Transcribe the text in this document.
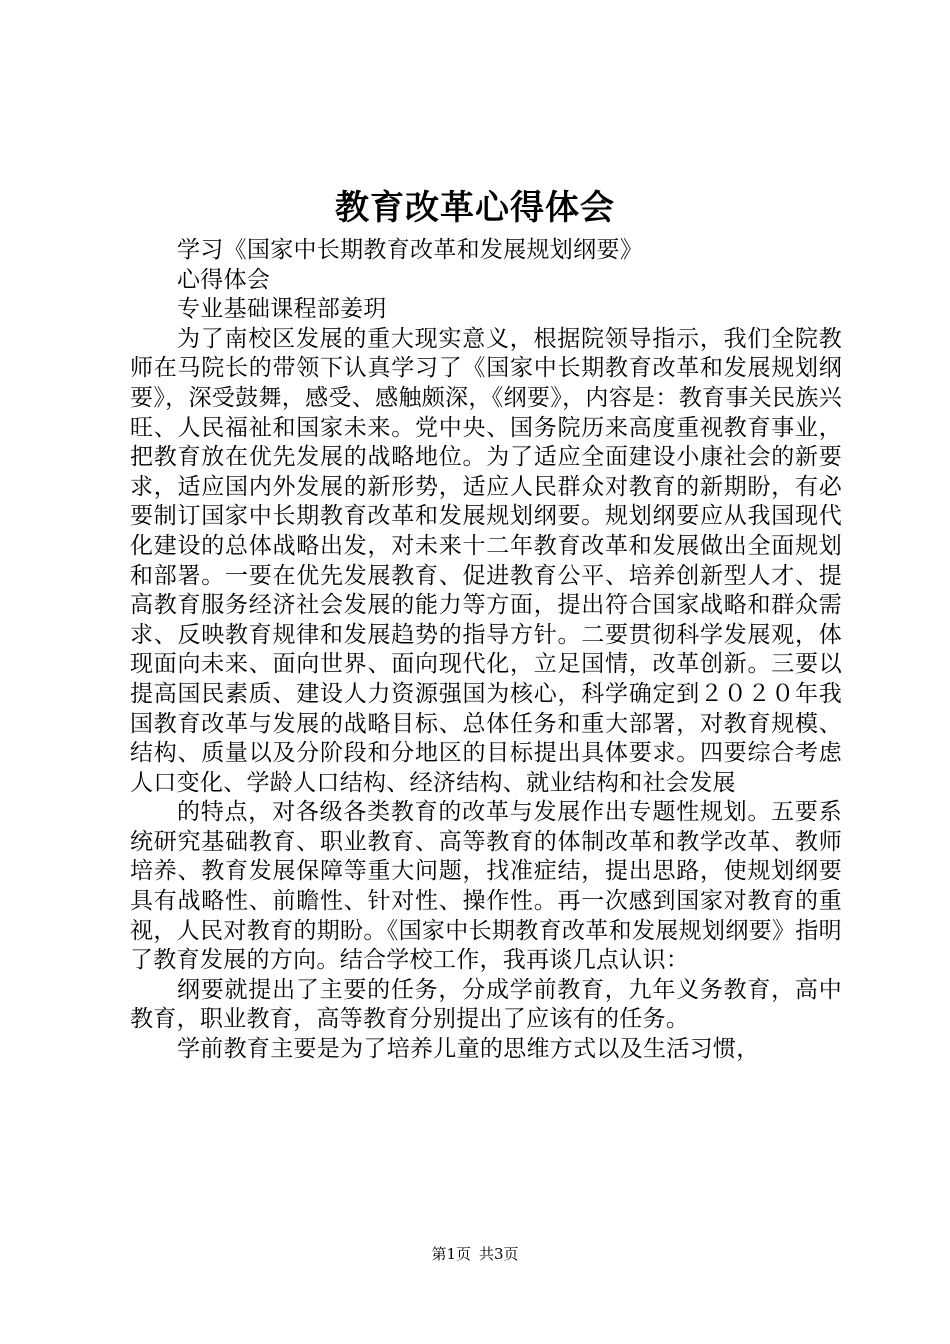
教育改革心得体会

学习《国家中长期教育改革和发展规划纲要》

心得体会

专业基础课程部姜玥

为了南校区发展的重大现实意义，根据院领导指示，我们全院教师在马院长的带领下认真学习了《国家中长期教育改革和发展规划纲要》，深受鼓舞，感受、感触颇深，《纲要》，内容是：教育事关民族兴旺、人民福祉和国家未来。党中央、国务院历来高度重视教育事业，把教育放在优先发展的战略地位。为了适应全面建设小康社会的新要求，适应国内外发展的新形势，适应人民群众对教育的新期盼，有必要制订国家中长期教育改革和发展规划纲要。规划纲要应从我国现代化建设的总体战略出发，对未来十二年教育改革和发展做出全面规划和部署。一要在优先发展教育、促进教育公平、培养创新型人才、提高教育服务经济社会发展的能力等方面，提出符合国家战略和群众需求、反映教育规律和发展趋势的指导方针。二要贯彻科学发展观，体现面向未来、面向世界、面向现代化，立足国情，改革创新。三要以提高国民素质、建设人力资源强国为核心，科学确定到２０２０年我国教育改革与发展的战略目标、总体任务和重大部署，对教育规模、结构、质量以及分阶段和分地区的目标提出具体要求。四要综合考虑人口变化、学龄人口结构、经济结构、就业结构和社会发展

的特点，对各级各类教育的改革与发展作出专题性规划。五要系统研究基础教育、职业教育、高等教育的体制改革和教学改革、教师培养、教育发展保障等重大问题，找准症结，提出思路，使规划纲要具有战略性、前瞻性、针对性、操作性。再一次感到国家对教育的重视，人民对教育的期盼。《国家中长期教育改革和发展规划纲要》指明了教育发展的方向。结合学校工作，我再谈几点认识：

纲要就提出了主要的任务，分成学前教育，九年义务教育，高中教育，职业教育，高等教育分别提出了应该有的任务。

学前教育主要是为了培养儿童的思维方式以及生活习惯，

第1页 共3页
